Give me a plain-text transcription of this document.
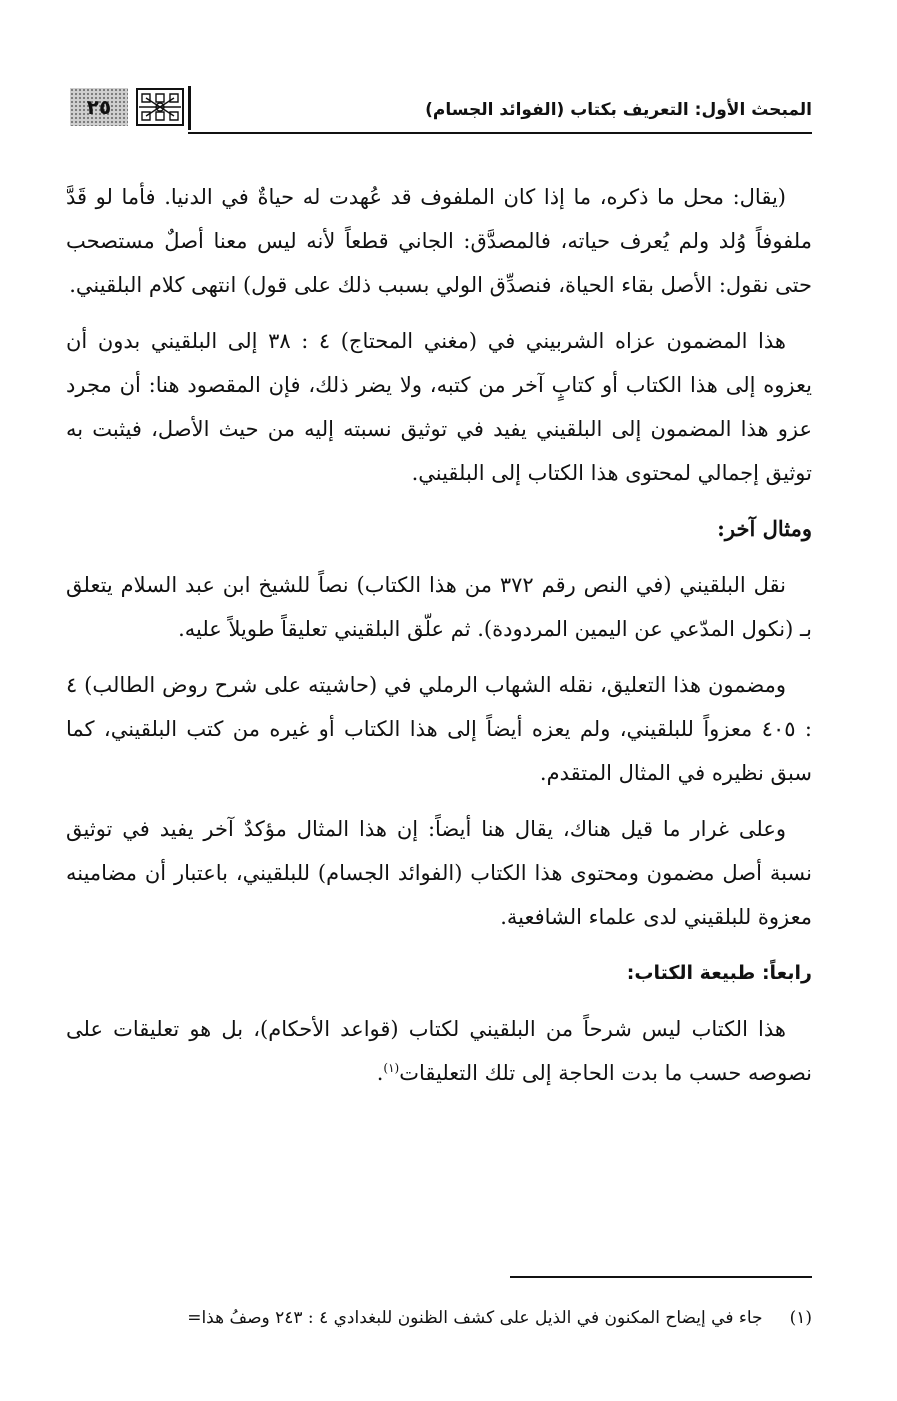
٢٥	المبحث الأول: التعريف بكتاب (الفوائد الجسام)

(يقال: محل ما ذكره، ما إذا كان الملفوف قد عُهدت له حياةٌ في الدنيا. فأما لو قَدَّ ملفوفاً وُلد ولم يُعرف حياته، فالمصدَّق: الجاني قطعاً لأنه ليس معنا أصلٌ مستصحب حتى نقول: الأصل بقاء الحياة، فنصدِّق الولي بسبب ذلك على قول) انتهى كلام البلقيني.

هذا المضمون عزاه الشربيني في (مغني المحتاج) ٤ : ٣٨ إلى البلقيني بدون أن يعزوه إلى هذا الكتاب أو كتابٍ آخر من كتبه، ولا يضر ذلك، فإن المقصود هنا: أن مجرد عزو هذا المضمون إلى البلقيني يفيد في توثيق نسبته إليه من حيث الأصل، فيثبت به توثيق إجمالي لمحتوى هذا الكتاب إلى البلقيني.

ومثال آخر:

نقل البلقيني (في النص رقم ٣٧٢ من هذا الكتاب) نصاً للشيخ ابن عبد السلام يتعلق بـ (نكول المدّعي عن اليمين المردودة). ثم علّق البلقيني تعليقاً طويلاً عليه.

ومضمون هذا التعليق، نقله الشهاب الرملي في (حاشيته على شرح روض الطالب) ٤ : ٤٠٥ معزواً للبلقيني، ولم يعزه أيضاً إلى هذا الكتاب أو غيره من كتب البلقيني، كما سبق نظيره في المثال المتقدم.

وعلى غرار ما قيل هناك، يقال هنا أيضاً: إن هذا المثال مؤكدٌ آخر يفيد في توثيق نسبة أصل مضمون ومحتوى هذا الكتاب (الفوائد الجسام) للبلقيني، باعتبار أن مضامينه معزوة للبلقيني لدى علماء الشافعية.

رابعاً: طبيعة الكتاب:

هذا الكتاب ليس شرحاً من البلقيني لكتاب (قواعد الأحكام)، بل هو تعليقات على نصوصه حسب ما بدت الحاجة إلى تلك التعليقات$^{(١)}$.

(١)     جاء في إيضاح المكنون في الذيل على كشف الظنون للبغدادي ٤ : ٢٤٣ وصفُ هذا=
